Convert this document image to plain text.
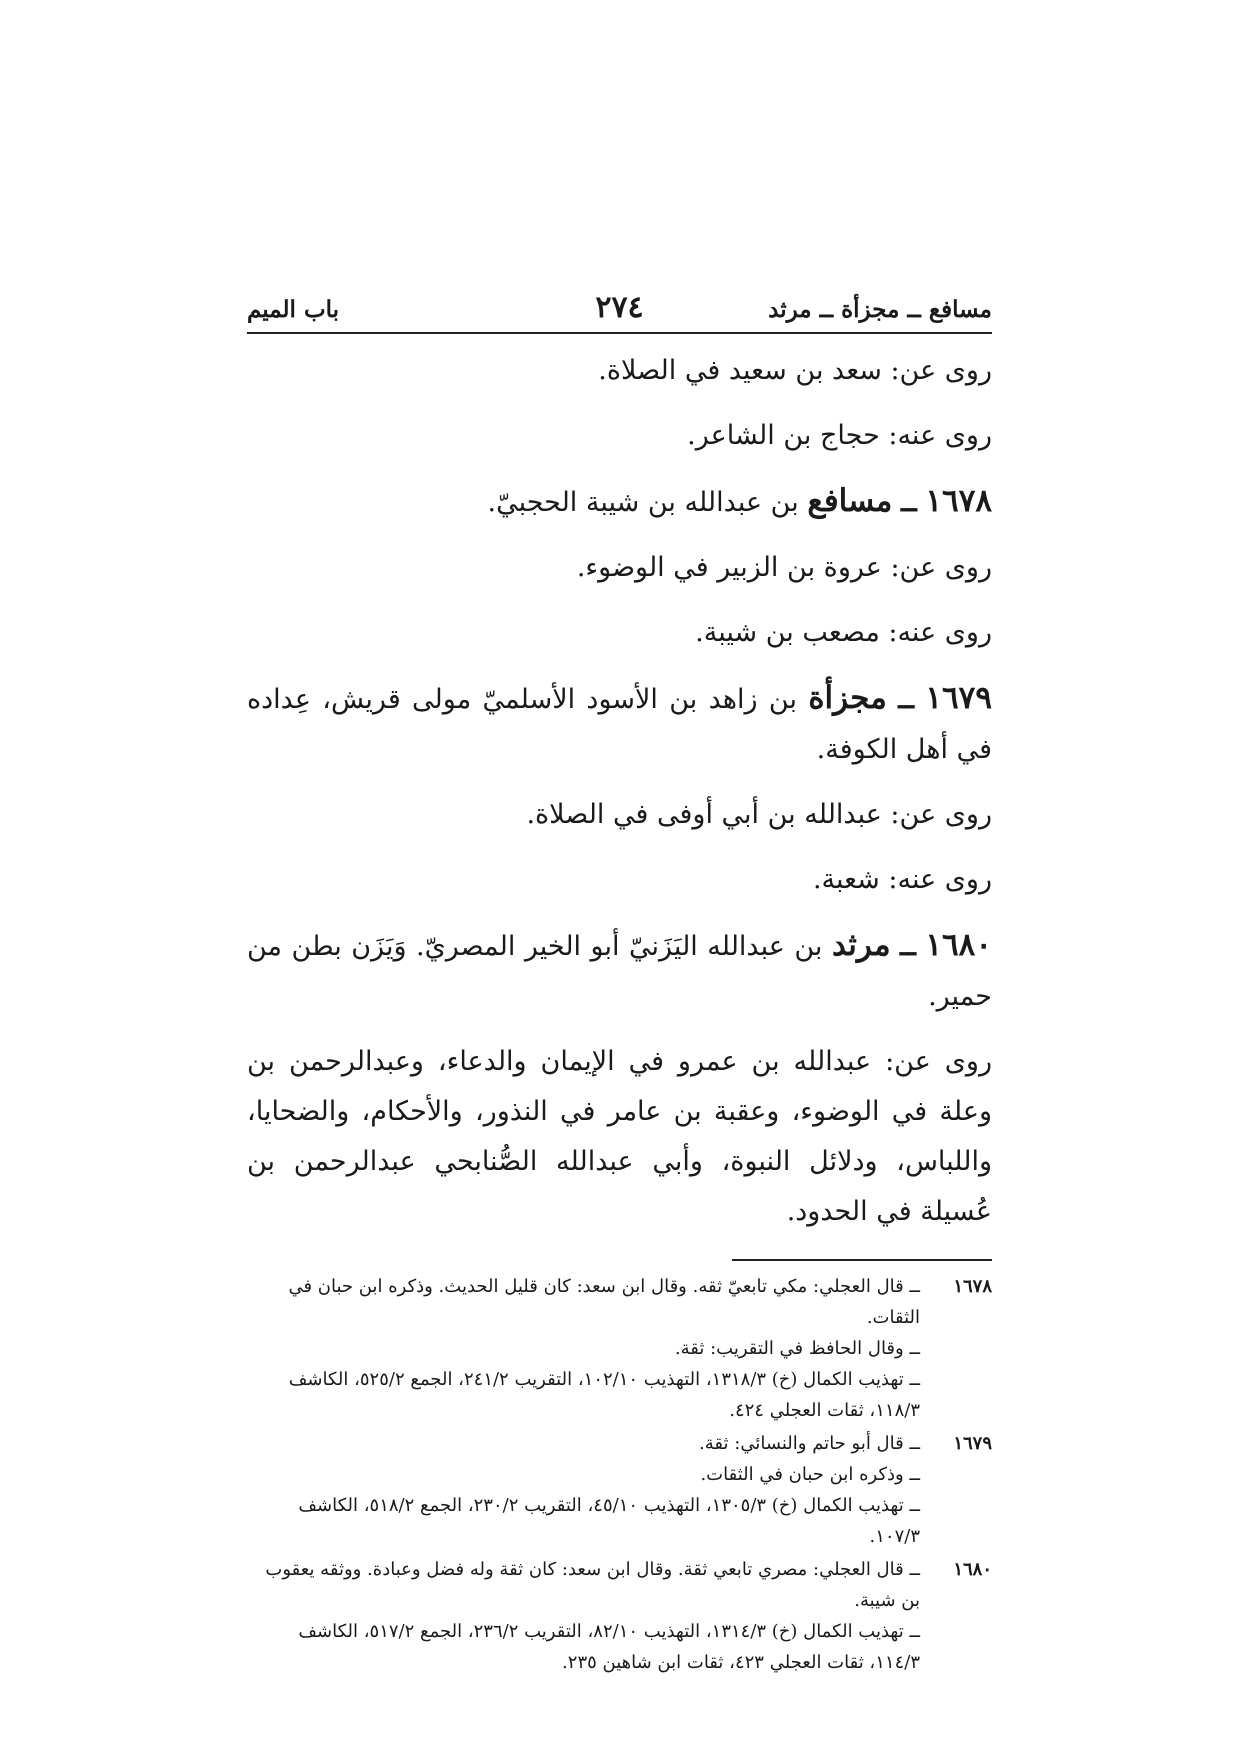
مسافع ــ مجزأة ــ مرثد
٢٧٤
باب الميم

روى عن: سعد بن سعيد في الصلاة.

روى عنه: حجاج بن الشاعر.

١٦٧٨ ــ مسافع بن عبدالله بن شيبة الحجبيّ.

روى عن: عروة بن الزبير في الوضوء.

روى عنه: مصعب بن شيبة.

١٦٧٩ ــ مجزأة بن زاهد بن الأسود الأسلميّ مولى قريش، عِداده في أهل الكوفة.

روى عن: عبدالله بن أبي أوفى في الصلاة.

روى عنه: شعبة.

١٦٨٠ ــ مرثد بن عبدالله اليَزَنيّ أبو الخير المصريّ. وَيَزَن بطن من حمير.

روى عن: عبدالله بن عمرو في الإيمان والدعاء، وعبدالرحمن بن وعلة في الوضوء، وعقبة بن عامر في النذور، والأحكام، والضحايا، واللباس، ودلائل النبوة، وأبي عبدالله الصُّنابحي عبدالرحمن بن عُسيلة في الحدود.

١٦٧٨
ــ قال العجلي: مكي تابعيّ ثقه. وقال ابن سعد: كان قليل الحديث. وذكره ابن حبان في الثقات.
ــ وقال الحافظ في التقريب: ثقة.
ــ تهذيب الكمال (خ) ١٣١٨/٣، التهذيب ١٠٢/١٠، التقريب ٢٤١/٢، الجمع ٥٢٥/٢، الكاشف ١١٨/٣، ثقات العجلي ٤٢٤.
١٦٧٩
ــ قال أبو حاتم والنسائي: ثقة.
ــ وذكره ابن حبان في الثقات.
ــ تهذيب الكمال (خ) ١٣٠٥/٣، التهذيب ٤٥/١٠، التقريب ٢٣٠/٢، الجمع ٥١٨/٢، الكاشف ١٠٧/٣.
١٦٨٠
ــ قال العجلي: مصري تابعي ثقة. وقال ابن سعد: كان ثقة وله فضل وعبادة. ووثقه يعقوب بن شيبة.
ــ تهذيب الكمال (خ) ١٣١٤/٣، التهذيب ٨٢/١٠، التقريب ٢٣٦/٢، الجمع ٥١٧/٢، الكاشف ١١٤/٣، ثقات العجلي ٤٢٣، ثقات ابن شاهين ٢٣٥.
